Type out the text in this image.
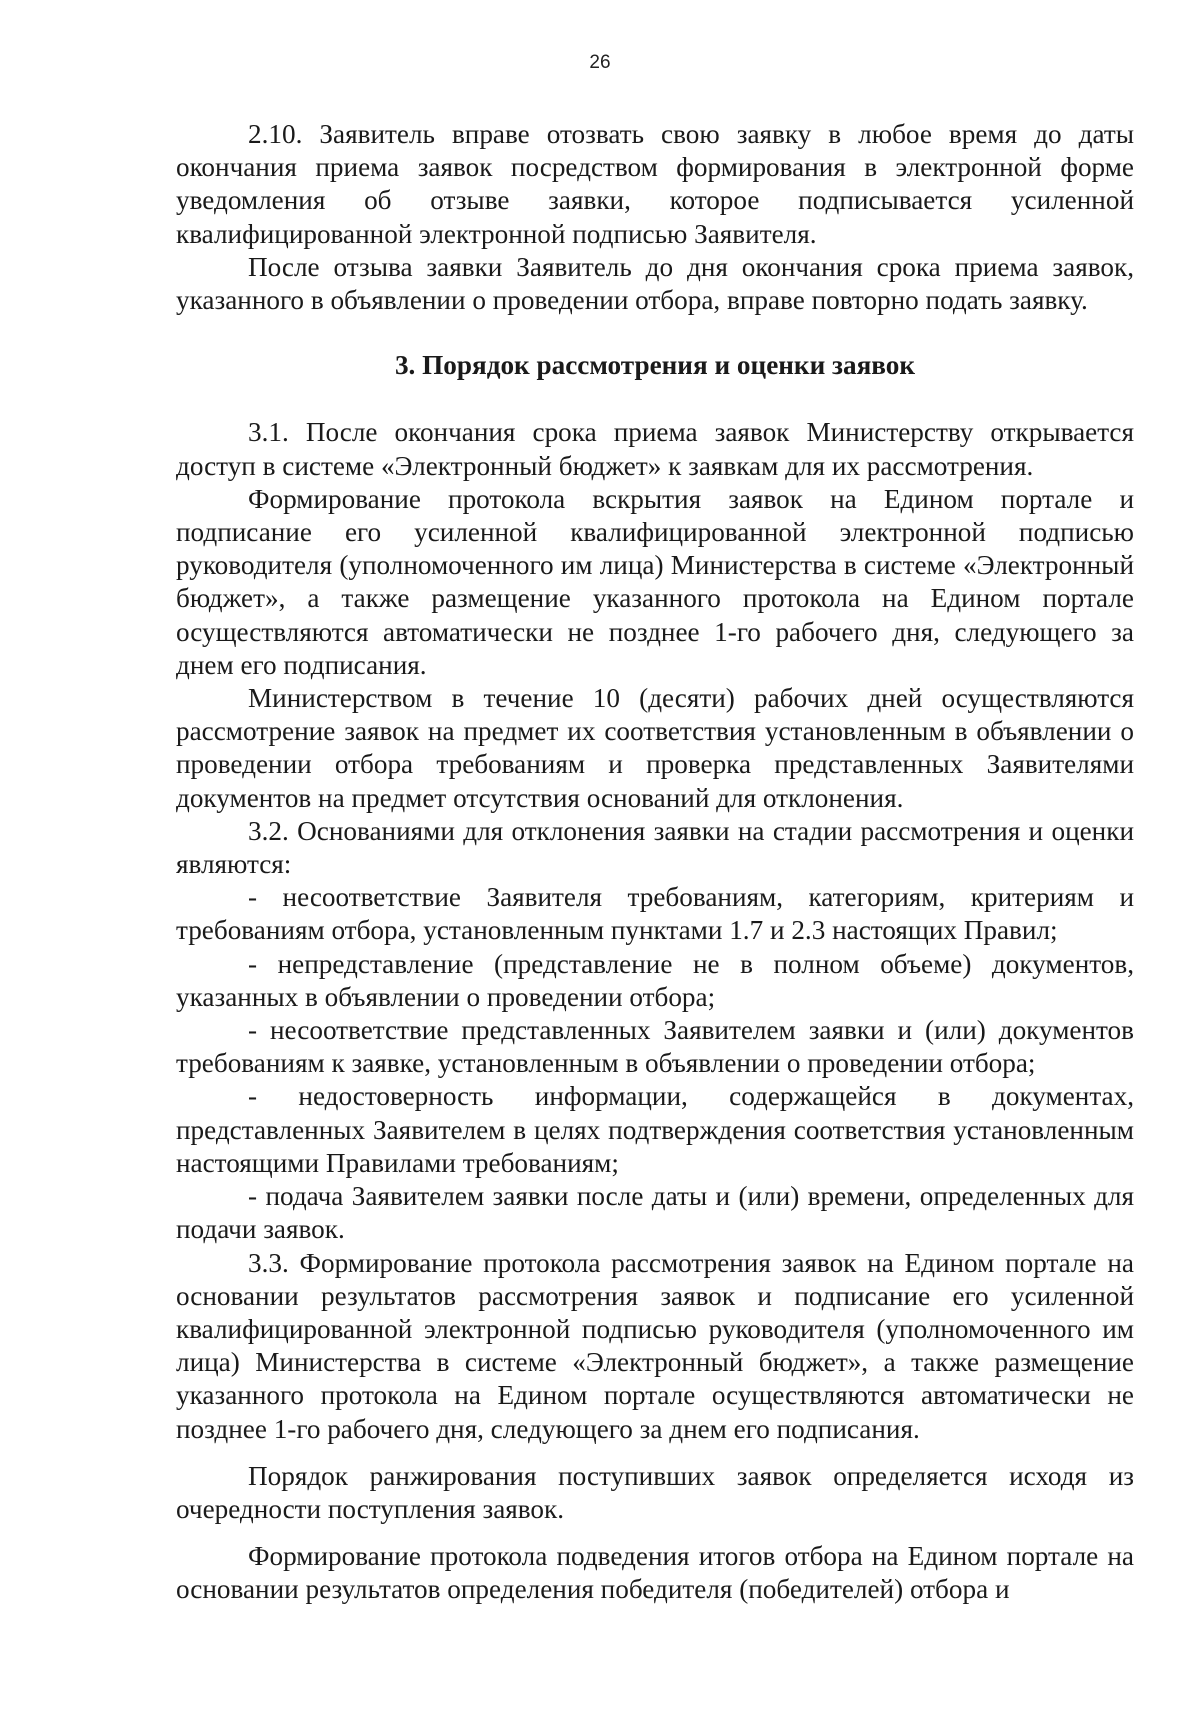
26

2.10. Заявитель вправе отозвать свою заявку в любое время до даты окончания приема заявок посредством формирования в электронной форме уведомления об отзыве заявки, которое подписывается усиленной квалифицированной электронной подписью Заявителя.

После отзыва заявки Заявитель до дня окончания срока приема заявок, указанного в объявлении о проведении отбора, вправе повторно подать заявку.

3. Порядок рассмотрения и оценки заявок

3.1. После окончания срока приема заявок Министерству открывается доступ в системе «Электронный бюджет» к заявкам для их рассмотрения.

Формирование протокола вскрытия заявок на Едином портале и подписание его усиленной квалифицированной электронной подписью руководителя (уполномоченного им лица) Министерства в системе «Электронный бюджет», а также размещение указанного протокола на Едином портале осуществляются автоматически не позднее 1-го рабочего дня, следующего за днем его подписания.

Министерством в течение 10 (десяти) рабочих дней осуществляются рассмотрение заявок на предмет их соответствия установленным в объявлении о проведении отбора требованиям и проверка представленных Заявителями документов на предмет отсутствия оснований для отклонения.

3.2. Основаниями для отклонения заявки на стадии рассмотрения и оценки являются:

- несоответствие Заявителя требованиям, категориям, критериям и требованиям отбора, установленным пунктами 1.7 и 2.3 настоящих Правил;

- непредставление (представление не в полном объеме) документов, указанных в объявлении о проведении отбора;

- несоответствие представленных Заявителем заявки и (или) документов требованиям к заявке, установленным в объявлении о проведении отбора;

- недостоверность информации, содержащейся в документах, представленных Заявителем в целях подтверждения соответствия установленным настоящими Правилами требованиям;

- подача Заявителем заявки после даты и (или) времени, определенных для подачи заявок.

3.3. Формирование протокола рассмотрения заявок на Едином портале на основании результатов рассмотрения заявок и подписание его усиленной квалифицированной электронной подписью руководителя (уполномоченного им лица) Министерства в системе «Электронный бюджет», а также размещение указанного протокола на Едином портале осуществляются автоматически не позднее 1-го рабочего дня, следующего за днем его подписания.

Порядок ранжирования поступивших заявок определяется исходя из очередности поступления заявок.

Формирование протокола подведения итогов отбора на Едином портале на основании результатов определения победителя (победителей) отбора и
